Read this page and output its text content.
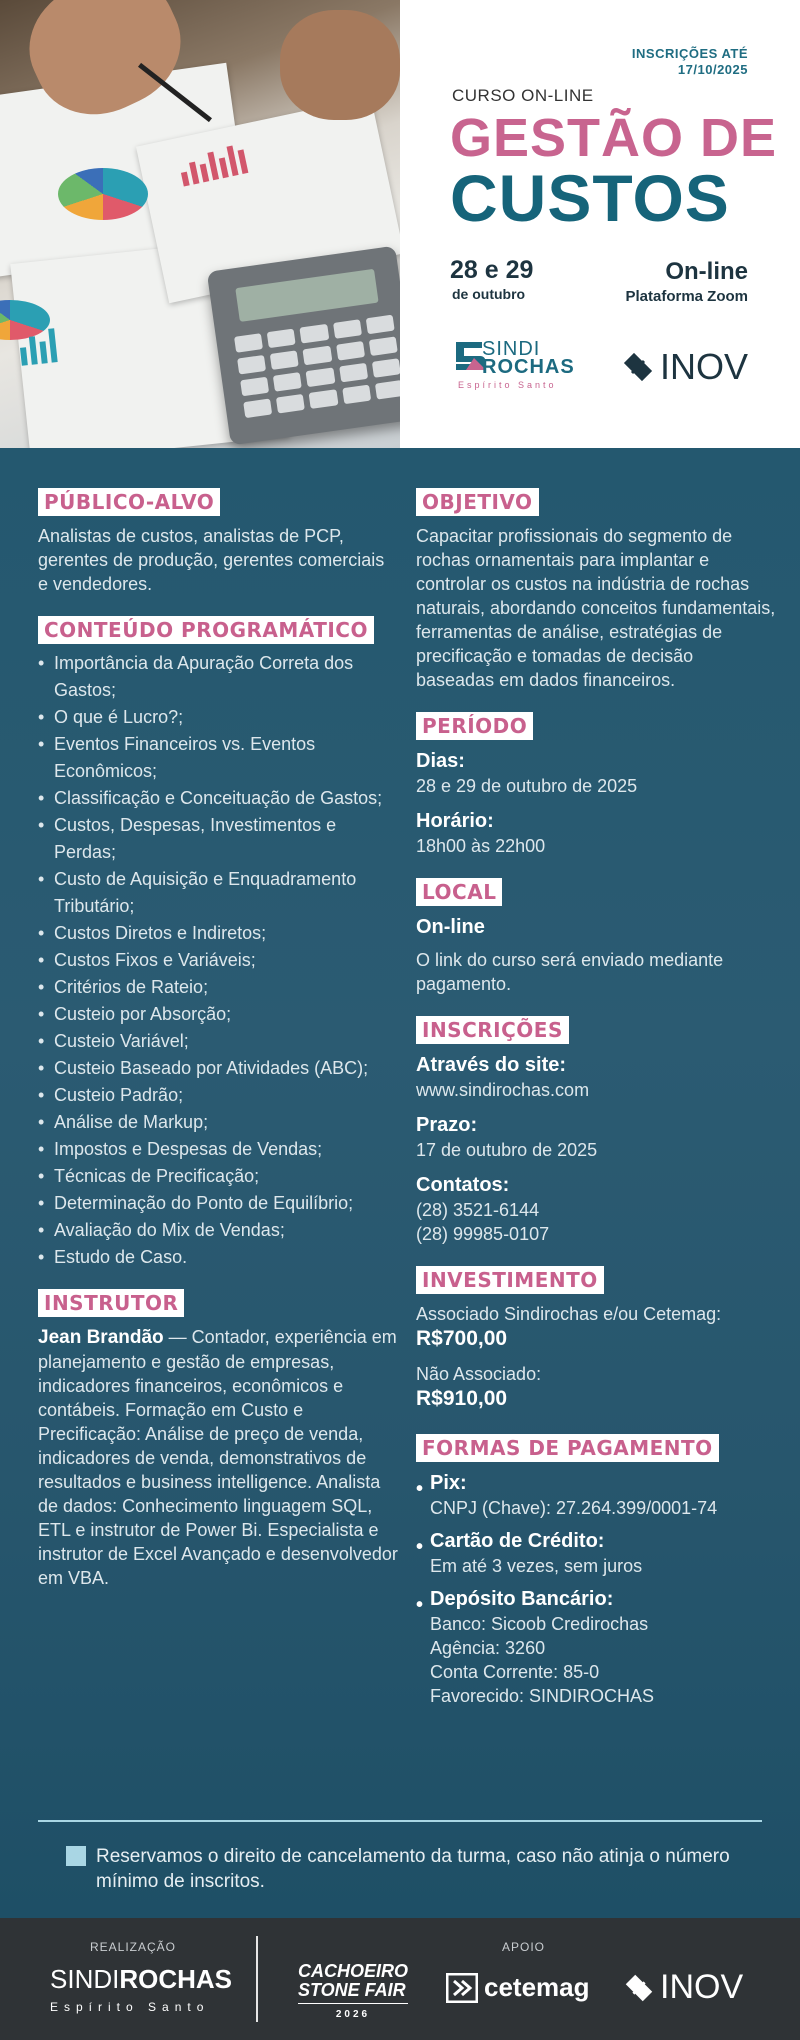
INSCRIÇÕES ATÉ
17/10/2025
CURSO ON-LINE
GESTÃO DE
CUSTOS
28 e 29
de outubro
On-line
Plataforma Zoom
SINDI
ROCHAS
Espírito Santo	INOV
PÚBLICO-ALVO

Analistas de custos, analistas de PCP, gerentes de produção, gerentes comerciais e vendedores.

CONTEÚDO PROGRAMÁTICO
• Importância da Apuração Correta dos Gastos;
• O que é Lucro?;
• Eventos Financeiros vs. Eventos Econômicos;
• Classificação e Conceituação de Gastos;
• Custos, Despesas, Investimentos e Perdas;
• Custo de Aquisição e Enquadramento Tributário;
• Custos Diretos e Indiretos;
• Custos Fixos e Variáveis;
• Critérios de Rateio;
• Custeio por Absorção;
• Custeio Variável;
• Custeio Baseado por Atividades (ABC);
• Custeio Padrão;
• Análise de Markup;
• Impostos e Despesas de Vendas;
• Técnicas de Precificação;
• Determinação do Ponto de Equilíbrio;
• Avaliação do Mix de Vendas;
• Estudo de Caso.
INSTRUTOR

Jean Brandão — Contador, experiência em planejamento e gestão de empresas, indicadores financeiros, econômicos e contábeis. Formação em Custo e Precificação: Análise de preço de venda, indicadores de venda, demonstrativos de resultados e business intelligence. Analista de dados: Conhecimento linguagem SQL, ETL e instrutor de Power Bi. Especialista e instrutor de Excel Avançado e desenvolvedor em VBA.

OBJETIVO

Capacitar profissionais do segmento de rochas ornamentais para implantar e controlar os custos na indústria de rochas naturais, abordando conceitos fundamentais, ferramentas de análise, estratégias de precificação e tomadas de decisão baseadas em dados financeiros.

PERÍODO
Dias:
28 e 29 de outubro de 2025
Horário:
18h00 às 22h00
LOCAL
On-line

O link do curso será enviado mediante pagamento.

INSCRIÇÕES
Através do site:
www.sindirochas.com
Prazo:
17 de outubro de 2025
Contatos:
(28) 3521-6144
(28) 99985-0107
INVESTIMENTO
Associado Sindirochas e/ou Cetemag:
R$700,00
Não Associado:
R$910,00
FORMAS DE PAGAMENTO
• Pix:
CNPJ (Chave): 27.264.399/0001-74
• Cartão de Crédito:
Em até 3 vezes, sem juros
• Depósito Bancário:
Banco: Sicoob Credirochas
Agência: 3260
Conta Corrente: 85-0
Favorecido: SINDIROCHAS
Reservamos o direito de cancelamento da turma, caso não atinja o número mínimo de inscritos.
REALIZAÇÃO
SINDIROCHAS
Espírito Santo
CACHOEIRO
STONE FAIR
2026
APOIO
cetemag INOV
